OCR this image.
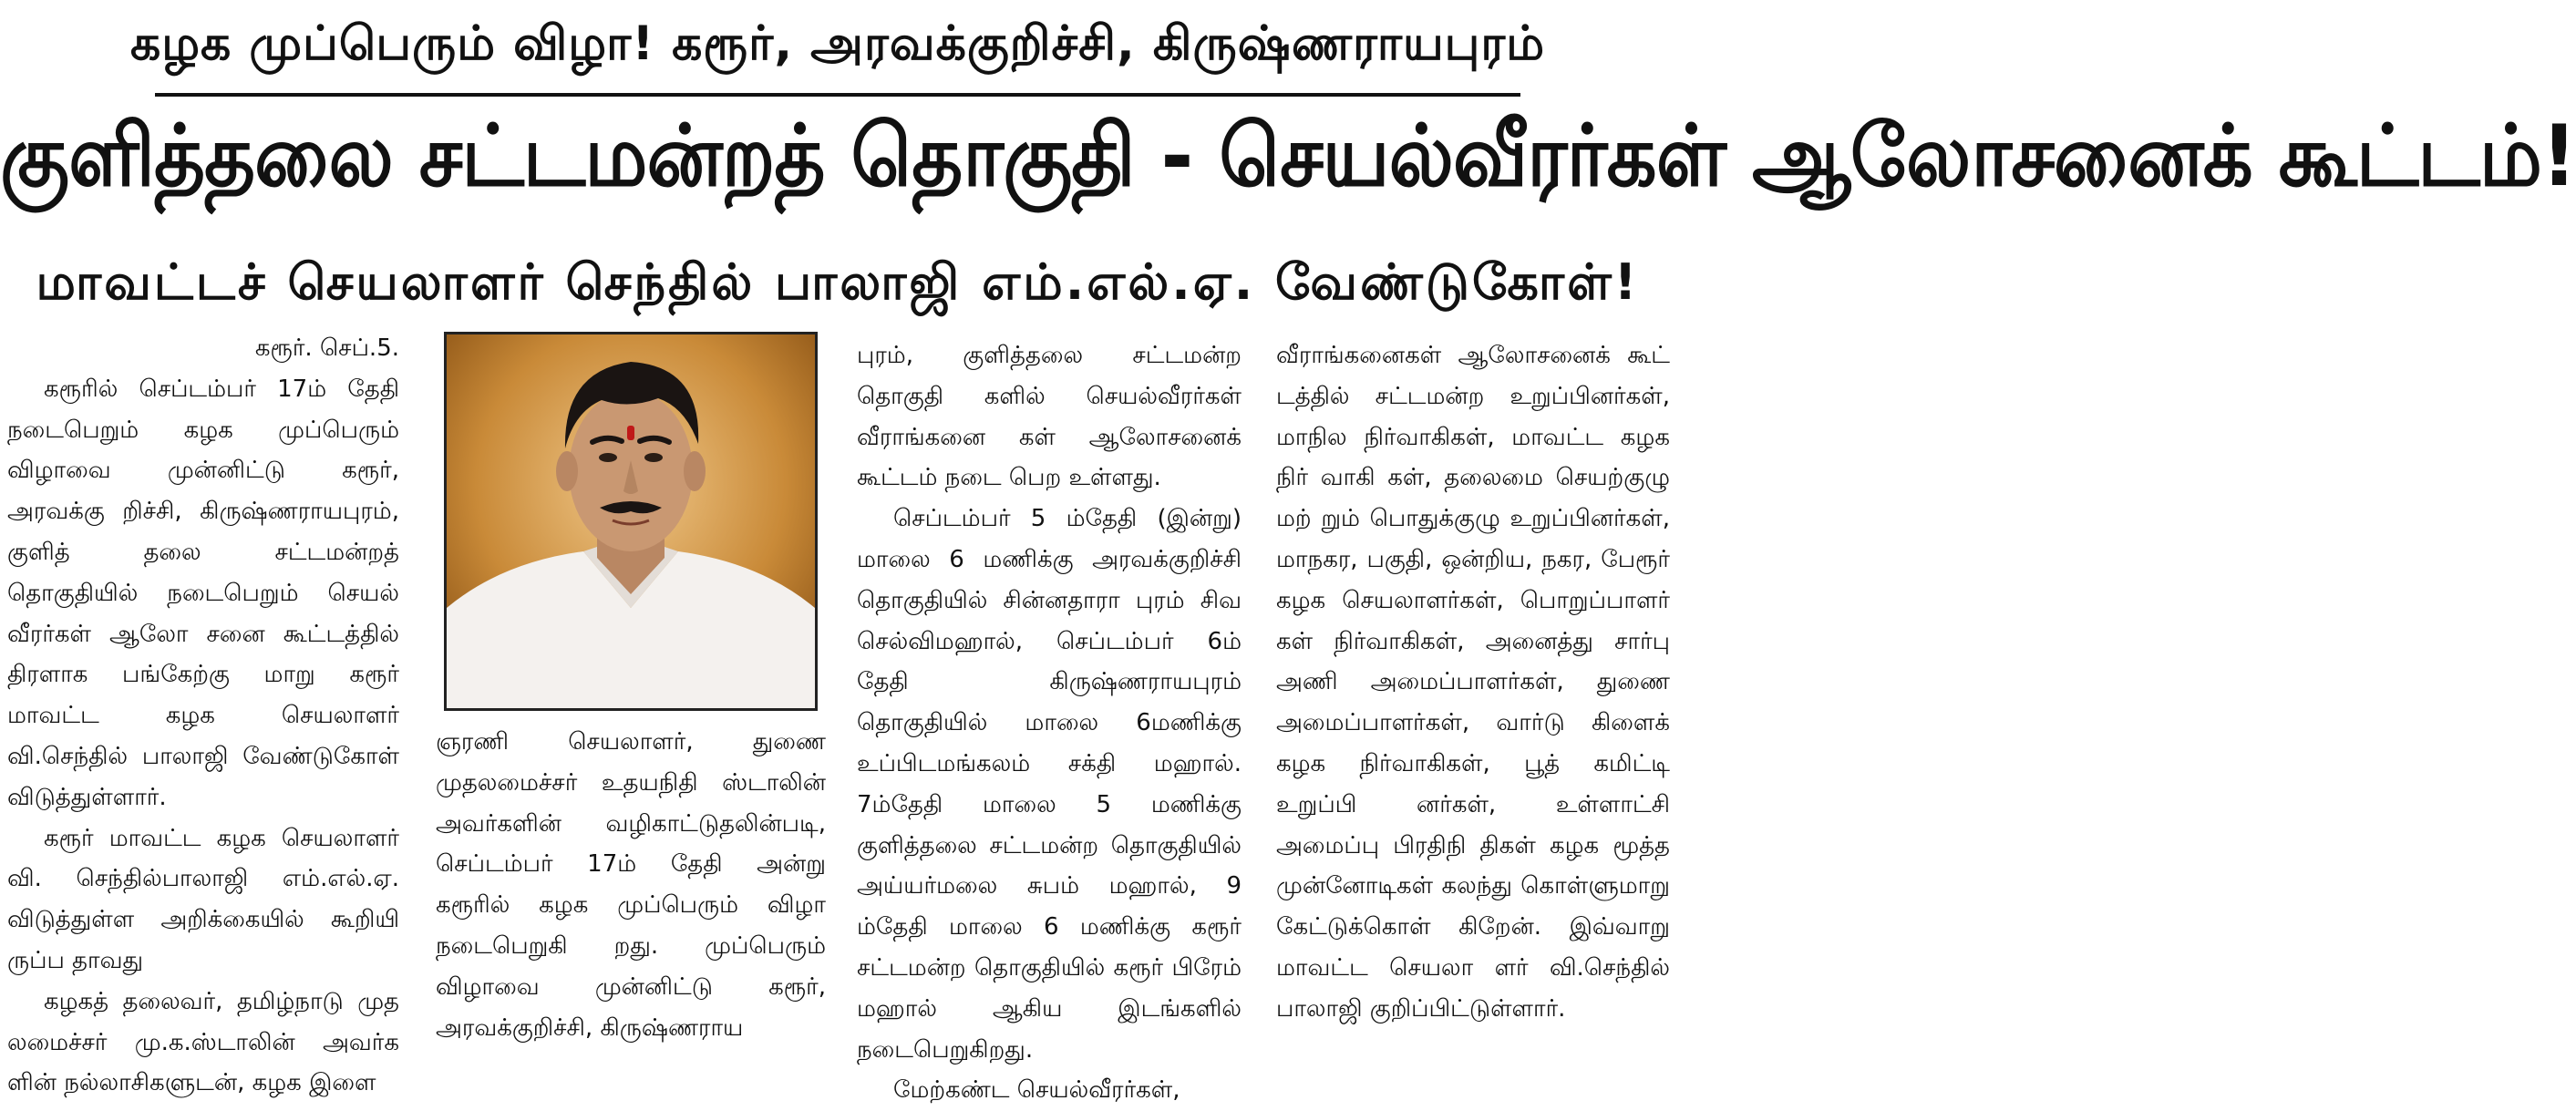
கழக முப்பெரும் விழா! கரூர், அரவக்குறிச்சி, கிருஷ்ணராயபுரம்
குளித்தலை சட்டமன்றத் தொகுதி - செயல்வீரர்கள் ஆலோசனைக் கூட்டம்!
மாவட்டச் செயலாளர் செந்தில் பாலாஜி எம்.எல்.ஏ. வேண்டுகோள்!

கரூர். செப்.5.

கரூரில் செப்டம்பர் 17ம் தேதி நடைபெறும் கழக முப்பெரும் விழாவை முன்னிட்டு கரூர், அரவக்கு றிச்சி, கிருஷ்ணராயபுரம், குளித் தலை சட்டமன்றத் தொகுதியில் நடைபெறும் செயல் வீரர்கள் ஆலோ சனை கூட்டத்தில் திரளாக பங்கேற்கு மாறு கரூர் மாவட்ட கழக செயலாளர் வி.செந்தில் பாலாஜி வேண்டுகோள் விடுத்துள்ளார்.

கரூர் மாவட்ட கழக செயலாளர் வி. செந்தில்பாலாஜி எம்.எல்.ஏ. விடுத்துள்ள அறிக்கையில் கூறியி ருப்ப தாவது

கழகத் தலைவர், தமிழ்நாடு முத லமைச்சர் மு.க.ஸ்டாலின் அவர்க ளின் நல்லாசிகளுடன், கழக இளை

ஞரணி செயலாளர், துணை முதலமைச்சர் உதயநிதி ஸ்டாலின் அவர்களின் வழிகாட்டுதலின்படி, செப்டம்பர் 17ம் தேதி அன்று கரூரில் கழக முப்பெரும் விழா நடைபெறுகி றது. முப்பெரும் விழாவை முன்னிட்டு கரூர், அரவக்குறிச்சி, கிருஷ்ணராய

புரம், குளித்தலை சட்டமன்ற தொகுதி களில் செயல்வீரர்கள் வீராங்கனை கள் ஆலோசனைக் கூட்டம் நடை பெற உள்ளது.

செப்டம்பர் 5 ம்தேதி (இன்று) மாலை 6 மணிக்கு அரவக்குறிச்சி தொகுதியில் சின்னதாரா புரம் சிவ செல்விமஹால், செப்டம்பர் 6ம் தேதி கிருஷ்ணராயபுரம் தொகுதியில் மாலை 6மணிக்கு உப்பிடமங்கலம் சக்தி மஹால். 7ம்தேதி மாலை 5 மணிக்கு குளித்தலை சட்டமன்ற தொகுதியில் அய்யர்மலை சுபம் மஹால், 9 ம்தேதி மாலை 6 மணிக்கு கரூர் சட்டமன்ற தொகுதியில் கரூர் பிரேம் மஹால் ஆகிய இடங்களில் நடைபெறுகிறது.

மேற்கண்ட செயல்வீரர்கள்,

வீராங்கனைகள் ஆலோசனைக் கூட் டத்தில் சட்டமன்ற உறுப்பினர்கள், மாநில நிர்வாகிகள், மாவட்ட கழக நிர் வாகி கள், தலைமை செயற்குழு மற் றும் பொதுக்குழு உறுப்பினர்கள், மாநகர, பகுதி, ஒன்றிய, நகர, பேரூர் கழக செயலாளர்கள், பொறுப்பாளர் கள் நிர்வாகிகள், அனைத்து சார்பு அணி அமைப்பாளர்கள், துணை அமைப்பாளர்கள், வார்டு கிளைக் கழக நிர்வாகிகள், பூத் கமிட்டி உறுப்பி னர்கள், உள்ளாட்சி அமைப்பு பிரதிநி திகள் கழக மூத்த முன்னோடிகள் கலந்து கொள்ளுமாறு கேட்டுக்கொள் கிறேன். இவ்வாறு மாவட்ட செயலா ளர் வி.செந்தில் பாலாஜி குறிப்பிட்டுள்ளார்.
